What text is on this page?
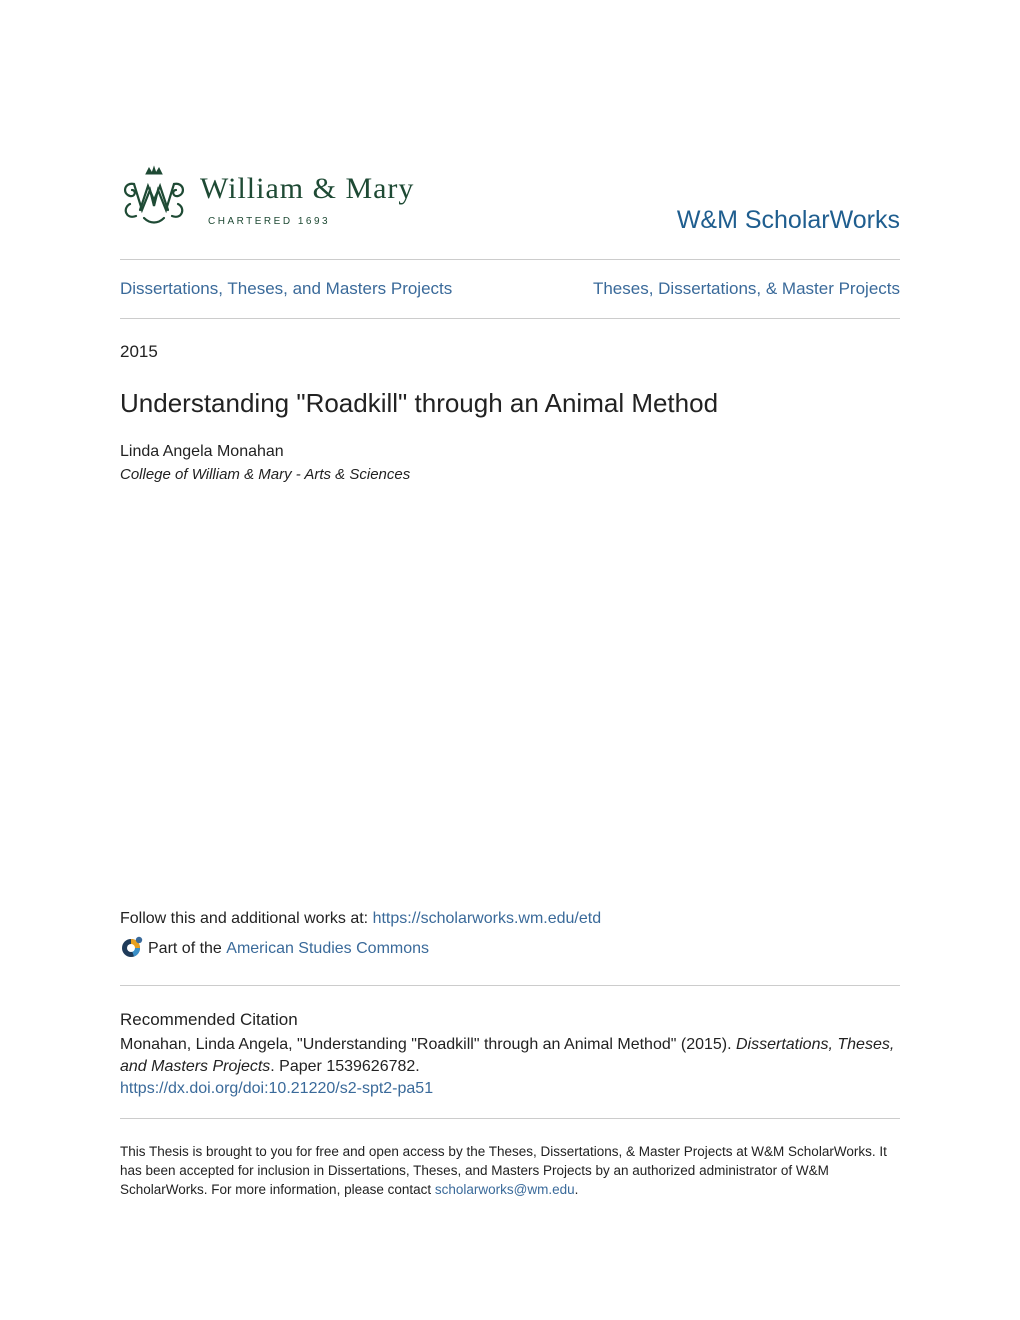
William & Mary
CHARTERED 1693	W&M ScholarWorks
Dissertations, Theses, and Masters Projects	Theses, Dissertations, & Master Projects
2015
Understanding "Roadkill" through an Animal Method
Linda Angela Monahan
College of William & Mary - Arts & Sciences
Follow this and additional works at: https://scholarworks.wm.edu/etd
Part of the
American Studies Commons
Recommended Citation
Monahan, Linda Angela, "Understanding "Roadkill" through an Animal Method" (2015). Dissertations, Theses, and Masters Projects. Paper 1539626782.
https://dx.doi.org/doi:10.21220/s2-spt2-pa51
This Thesis is brought to you for free and open access by the Theses, Dissertations, & Master Projects at W&M ScholarWorks. It has been accepted for inclusion in Dissertations, Theses, and Masters Projects by an authorized administrator of W&M ScholarWorks. For more information, please contact scholarworks@wm.edu.
